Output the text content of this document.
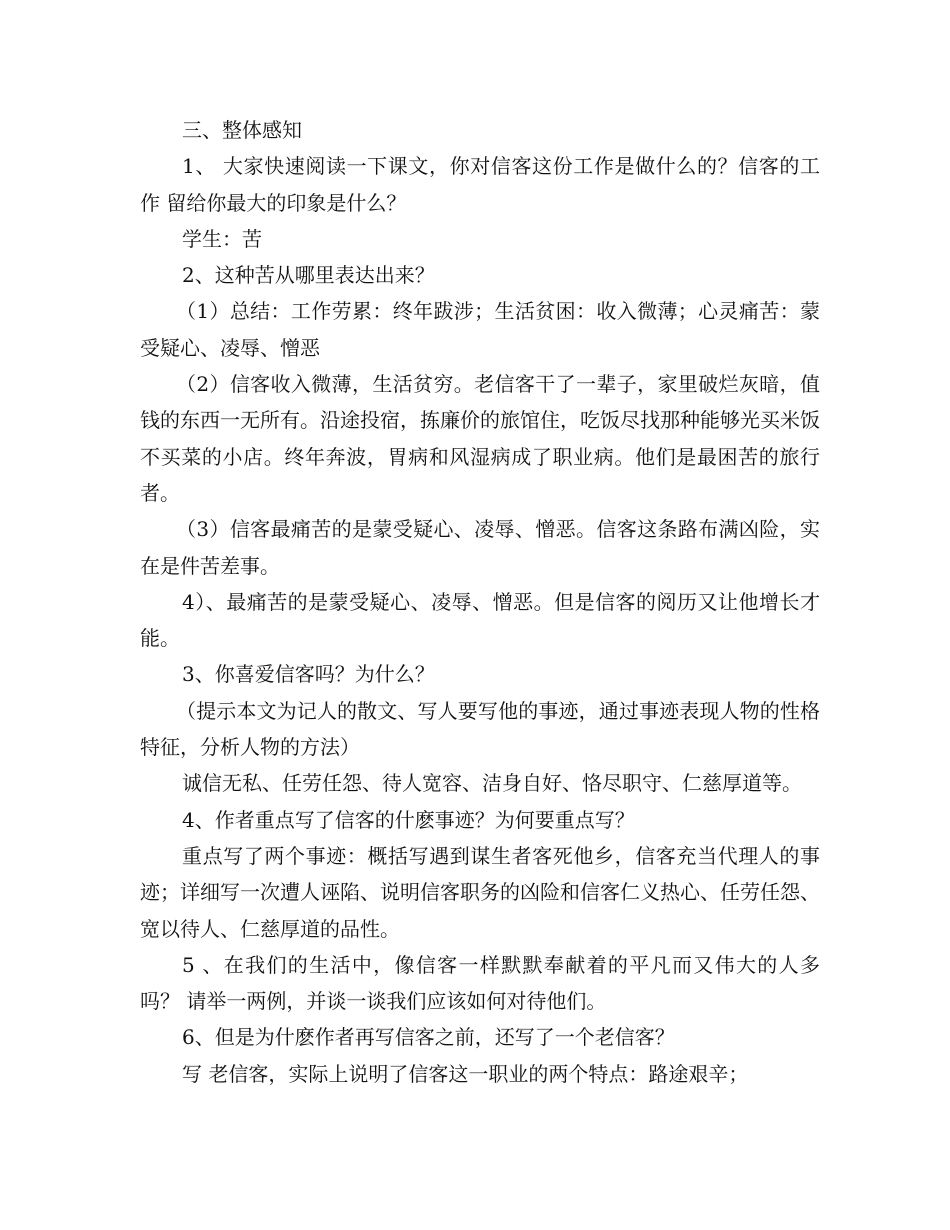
三、整体感知

1、 大家快速阅读一下课文，你对信客这份工作是做什么的？信客的工作 留给你最大的印象是什么？

学生：苦

2、这种苦从哪里表达出来？

（1）总结：工作劳累：终年跋涉；生活贫困：收入微薄；心灵痛苦：蒙受疑心、凌辱、憎恶

（2）信客收入微薄，生活贫穷。老信客干了一辈子，家里破烂灰暗，值钱的东西一无所有。沿途投宿，拣廉价的旅馆住，吃饭尽找那种能够光买米饭不买菜的小店。终年奔波，胃病和风湿病成了职业病。他们是最困苦的旅行者。

（3）信客最痛苦的是蒙受疑心、凌辱、憎恶。信客这条路布满凶险，实在是件苦差事。

4）、最痛苦的是蒙受疑心、凌辱、憎恶。但是信客的阅历又让他增长才能。

3、你喜爱信客吗？为什么？

（提示本文为记人的散文、写人要写他的事迹，通过事迹表现人物的性格特征，分析人物的方法）

诚信无私、任劳任怨、待人宽容、洁身自好、恪尽职守、仁慈厚道等。

4、作者重点写了信客的什麽事迹？为何要重点写？

重点写了两个事迹：概括写遇到谋生者客死他乡，信客充当代理人的事迹；详细写一次遭人诬陷、说明信客职务的凶险和信客仁义热心、任劳任怨、宽以待人、仁慈厚道的品性。

5 、在我们的生活中，像信客一样默默奉献着的平凡而又伟大的人多吗？ 请举一两例，并谈一谈我们应该如何对待他们。

6、但是为什麽作者再写信客之前，还写了一个老信客？

写 老信客，实际上说明了信客这一职业的两个特点：路途艰辛；
